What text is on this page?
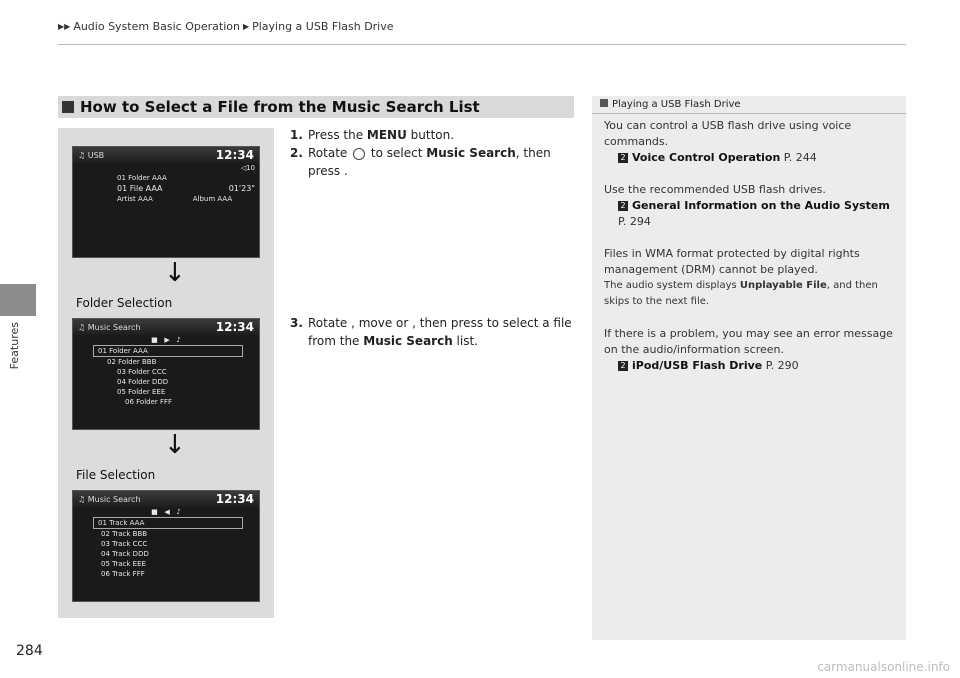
▶▶ Audio System Basic Operation ▶ Playing a USB Flash Drive
Features
How to Select a File from the Music Search List
♫ USB	12:34
◁10
01 Folder AAA
01 File AAA	01'23"
Artist AAA	Album AAA
↓
Folder Selection
♫ Music Search	12:34
■   ▶   ♪
01 Folder AAA
02 Folder BBB
03 Folder CCC
04 Folder DDD
05 Folder EEE
06 Folder FFF
↓
File Selection
♫ Music Search	12:34
■   ◀   ♪
01 Track AAA
02 Track BBB
03 Track CCC
04 Track DDD
05 Track EEE
06 Track FFF
1. Press the MENU button.
2. Rotate  to select Music Search, then press .
3. Rotate , move or , then press to select a file from the Music Search list.
Playing a USB Flash Drive

You can control a USB flash drive using voice commands.
2 Voice Control Operation P. 244

Use the recommended USB flash drives.
2 General Information on the Audio System
P. 294

Files in WMA format protected by digital rights management (DRM) cannot be played.

The audio system displays Unplayable File, and then skips to the next file.

If there is a problem, you may see an error message on the audio/information screen.
2 iPod/USB Flash Drive P. 290

284
carmanualsonline.info
